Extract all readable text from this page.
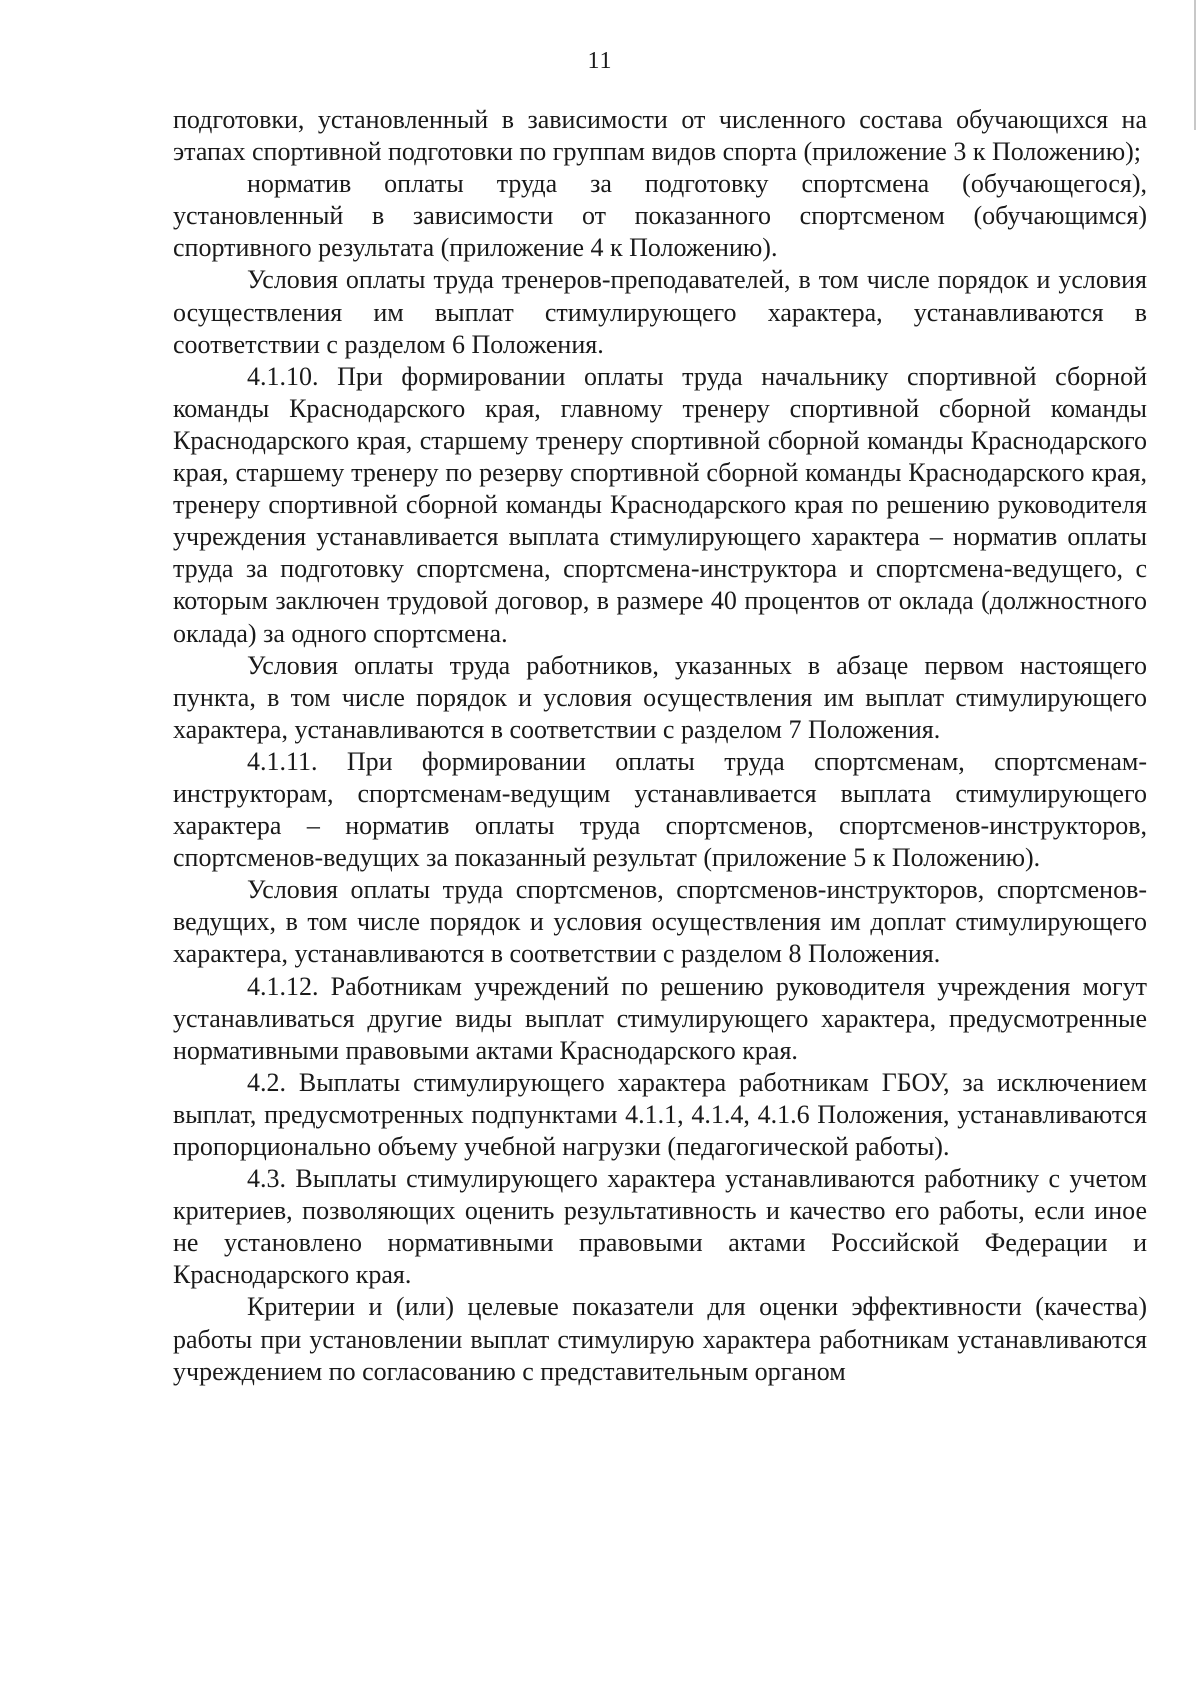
11

подготовки, установленный в зависимости от численного состава обучающихся на этапах спортивной подготовки по группам видов спорта (приложение 3 к Положению);

норматив оплаты труда за подготовку спортсмена (обучающегося), установленный в зависимости от показанного спортсменом (обучающимся) спортивного результата (приложение 4 к Положению).

Условия оплаты труда тренеров-преподавателей, в том числе порядок и условия осуществления им выплат стимулирующего характера, устанавливаются в соответствии с разделом 6 Положения.

4.1.10. При формировании оплаты труда начальнику спортивной сборной команды Краснодарского края, главному тренеру спортивной сборной команды Краснодарского края, старшему тренеру спортивной сборной команды Краснодарского края, старшему тренеру по резерву спортивной сборной команды Краснодарского края, тренеру спортивной сборной команды Краснодарского края по решению руководителя учреждения устанавливается выплата стимулирующего характера – норматив оплаты труда за подготовку спортсмена, спортсмена-инструктора и спортсмена-ведущего, с которым заключен трудовой договор, в размере 40 процентов от оклада (должностного оклада) за одного спортсмена.

Условия оплаты труда работников, указанных в абзаце первом настоящего пункта, в том числе порядок и условия осуществления им выплат стимулирующего характера, устанавливаются в соответствии с разделом 7 Положения.

4.1.11. При формировании оплаты труда спортсменам, спортсменам-инструкторам, спортсменам-ведущим устанавливается выплата стимулирующего характера – норматив оплаты труда спортсменов, спортсменов-инструкторов, спортсменов-ведущих за показанный результат (приложение 5 к Положению).

Условия оплаты труда спортсменов, спортсменов-инструкторов, спортсменов-ведущих, в том числе порядок и условия осуществления им доплат стимулирующего характера, устанавливаются в соответствии с разделом 8 Положения.

4.1.12. Работникам учреждений по решению руководителя учреждения могут устанавливаться другие виды выплат стимулирующего характера, предусмотренные нормативными правовыми актами Краснодарского края.

4.2. Выплаты стимулирующего характера работникам ГБОУ, за исключением выплат, предусмотренных подпунктами 4.1.1, 4.1.4, 4.1.6 Положения, устанавливаются пропорционально объему учебной нагрузки (педагогической работы).

4.3. Выплаты стимулирующего характера устанавливаются работнику с учетом критериев, позволяющих оценить результативность и качество его работы, если иное не установлено нормативными правовыми актами Российской Федерации и Краснодарского края.

Критерии и (или) целевые показатели для оценки эффективности (качества) работы при установлении выплат стимулирую характера работникам устанавливаются учреждением по согласованию с представительным органом
